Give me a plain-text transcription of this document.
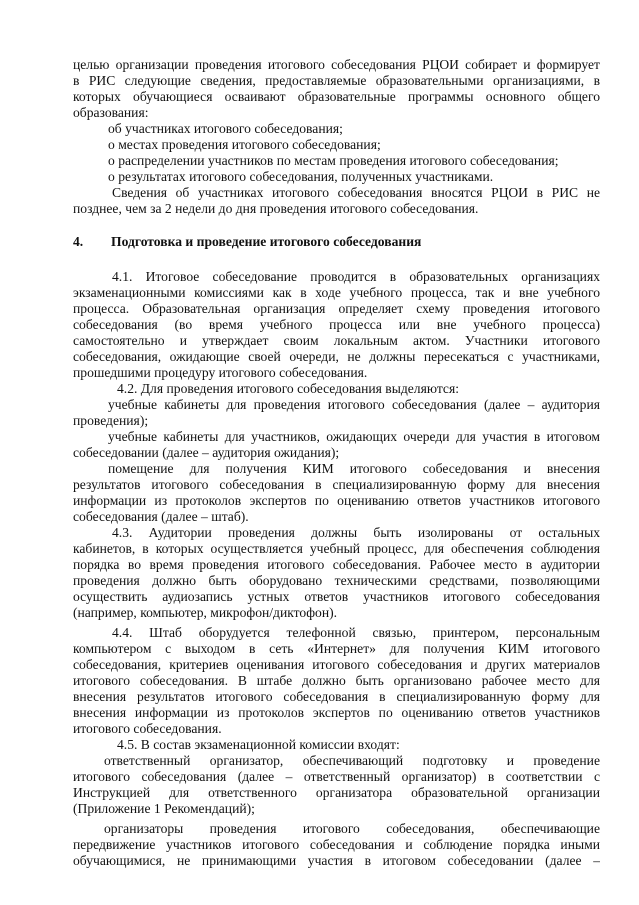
целью организации проведения итогового собеседования РЦОИ собирает и формирует
в РИС следующие сведения, предоставляемые образовательными организациями, в
которых обучающиеся осваивают образовательные программы основного общего
образования:
об участниках итогового собеседования;
о местах проведения итогового собеседования;
о распределении участников по местам проведения итогового собеседования;
о результатах итогового собеседования, полученных участниками.
Сведения об участниках итогового собеседования вносятся РЦОИ в РИС не
позднее, чем за 2 недели до дня проведения итогового собеседования.
4. Подготовка и проведение итогового собеседования
4.1. Итоговое собеседование проводится в образовательных организациях
экзаменационными комиссиями как в ходе учебного процесса, так и вне учебного
процесса. Образовательная организация определяет схему проведения итогового
собеседования (во время учебного процесса или вне учебного процесса)
самостоятельно и утверждает своим локальным актом. Участники итогового
собеседования, ожидающие своей очереди, не должны пересекаться с участниками,
прошедшими процедуру итогового собеседования.
4.2. Для проведения итогового собеседования выделяются:
учебные кабинеты для проведения итогового собеседования (далее – аудитория
проведения);
учебные кабинеты для участников, ожидающих очереди для участия в итоговом
собеседовании (далее – аудитория ожидания);
помещение для получения КИМ итогового собеседования и внесения
результатов итогового собеседования в специализированную форму для внесения
информации из протоколов экспертов по оцениванию ответов участников итогового
собеседования (далее – штаб).
4.3. Аудитории проведения должны быть изолированы от остальных
кабинетов, в которых осуществляется учебный процесс, для обеспечения соблюдения
порядка во время проведения итогового собеседования. Рабочее место в аудитории
проведения должно быть оборудовано техническими средствами, позволяющими
осуществить аудиозапись устных ответов участников итогового собеседования
(например, компьютер, микрофон/диктофон).
4.4. Штаб оборудуется телефонной связью, принтером, персональным
компьютером с выходом в сеть «Интернет» для получения КИМ итогового
собеседования, критериев оценивания итогового собеседования и других материалов
итогового собеседования. В штабе должно быть организовано рабочее место для
внесения результатов итогового собеседования в специализированную форму для
внесения информации из протоколов экспертов по оцениванию ответов участников
итогового собеседования.
4.5. В состав экзаменационной комиссии входят:
ответственный организатор, обеспечивающий подготовку и проведение
итогового собеседования (далее – ответственный организатор) в соответствии с
Инструкцией для ответственного организатора образовательной организации
(Приложение 1 Рекомендаций);
организаторы проведения итогового собеседования, обеспечивающие
передвижение участников итогового собеседования и соблюдение порядка иными
обучающимися, не принимающими участия в итоговом собеседовании (далее –
